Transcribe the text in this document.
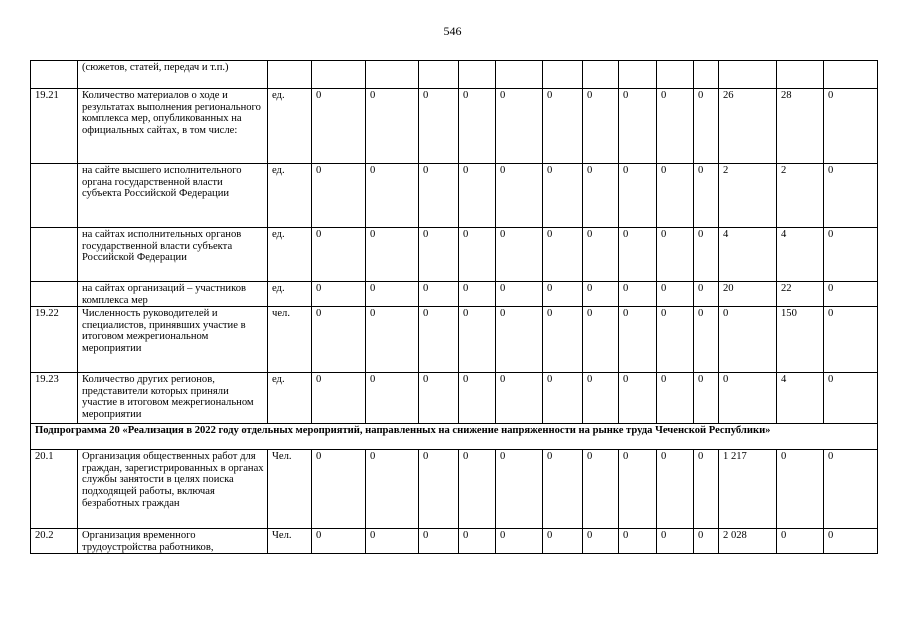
546
	(сюжетов, статей, передач и т.п.)														
19.21	Количество материалов о ходе и результатах выполнения регионального комплекса мер, опубликованных на официальных сайтах, в том числе:	ед.	0	0	0	0	0	0	0	0	0	0	26	28	0
	на сайте высшего исполнительного органа государственной власти субъекта Российской Федерации	ед.	0	0	0	0	0	0	0	0	0	0	2	2	0
	на сайтах исполнительных органов государственной власти субъекта Российской Федерации	ед.	0	0	0	0	0	0	0	0	0	0	4	4	0
	на сайтах организаций – участников комплекса мер	ед.	0	0	0	0	0	0	0	0	0	0	20	22	0
19.22	Численность руководителей и специалистов, принявших участие в итоговом межрегиональном мероприятии	чел.	0	0	0	0	0	0	0	0	0	0	0	150	0
19.23	Количество других регионов, представители которых приняли участие в итоговом межрегиональном мероприятии	ед.	0	0	0	0	0	0	0	0	0	0	0	4	0
Подпрограмма 20 «Реализация в 2022 году отдельных мероприятий, направленных на снижение напряженности на рынке труда Чеченской Республики»															
20.1	Организация общественных работ для граждан, зарегистрированных в органах службы занятости в целях поиска подходящей работы, включая безработных граждан	Чел.	0	0	0	0	0	0	0	0	0	0	1 217	0	0
20.2	Организация временного трудоустройства работников,	Чел.	0	0	0	0	0	0	0	0	0	0	2 028	0	0
